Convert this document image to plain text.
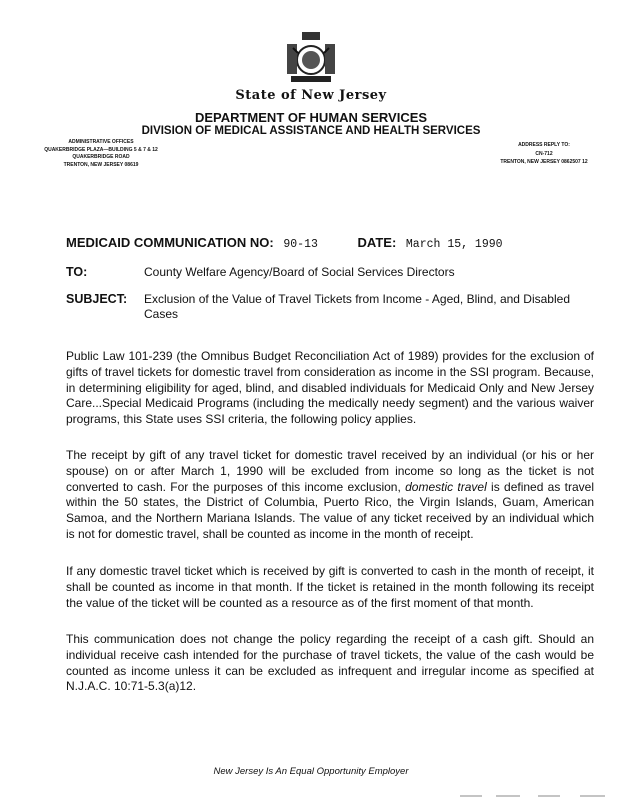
State of New Jersey
DEPARTMENT OF HUMAN SERVICES
DIVISION OF MEDICAL ASSISTANCE AND HEALTH SERVICES
ADMINISTRATIVE OFFICES
QUAKERBRIDGE PLAZA—BUILDING 5 & 7 & 12
QUAKERBRIDGE ROAD
TRENTON, NEW JERSEY 08619
ADDRESS REPLY TO:
CN-712
TRENTON, NEW JERSEY 0862507 12
MEDICAID COMMUNICATION NO: 90-13	DATE: March 15, 1990
TO:	County Welfare Agency/Board of Social Services Directors
SUBJECT: Exclusion of the Value of Travel Tickets from Income - Aged, Blind, and Disabled Cases

Public Law 101-239 (the Omnibus Budget Reconciliation Act of 1989) provides for the exclusion of gifts of travel tickets for domestic travel from consideration as income in the SSI program. Because, in determining eligibility for aged, blind, and disabled individuals for Medicaid Only and New Jersey Care...Special Medicaid Programs (including the medically needy segment) and the various waiver programs, this State uses SSI criteria, the following policy applies.

The receipt by gift of any travel ticket for domestic travel received by an individual (or his or her spouse) on or after March 1, 1990 will be excluded from income so long as the ticket is not converted to cash. For the purposes of this income exclusion, domestic travel is defined as travel within the 50 states, the District of Columbia, Puerto Rico, the Virgin Islands, Guam, American Samoa, and the Northern Mariana Islands. The value of any ticket received by an individual which is not for domestic travel, shall be counted as income in the month of receipt.

If any domestic travel ticket which is received by gift is converted to cash in the month of receipt, it shall be counted as income in that month. If the ticket is retained in the month following its receipt the value of the ticket will be counted as a resource as of the first moment of that month.

This communication does not change the policy regarding the receipt of a cash gift. Should an individual receive cash intended for the purchase of travel tickets, the value of the cash would be counted as income unless it can be excluded as infrequent and irregular income as specified at N.J.A.C. 10:71-5.3(a)12.

New Jersey Is An Equal Opportunity Employer
